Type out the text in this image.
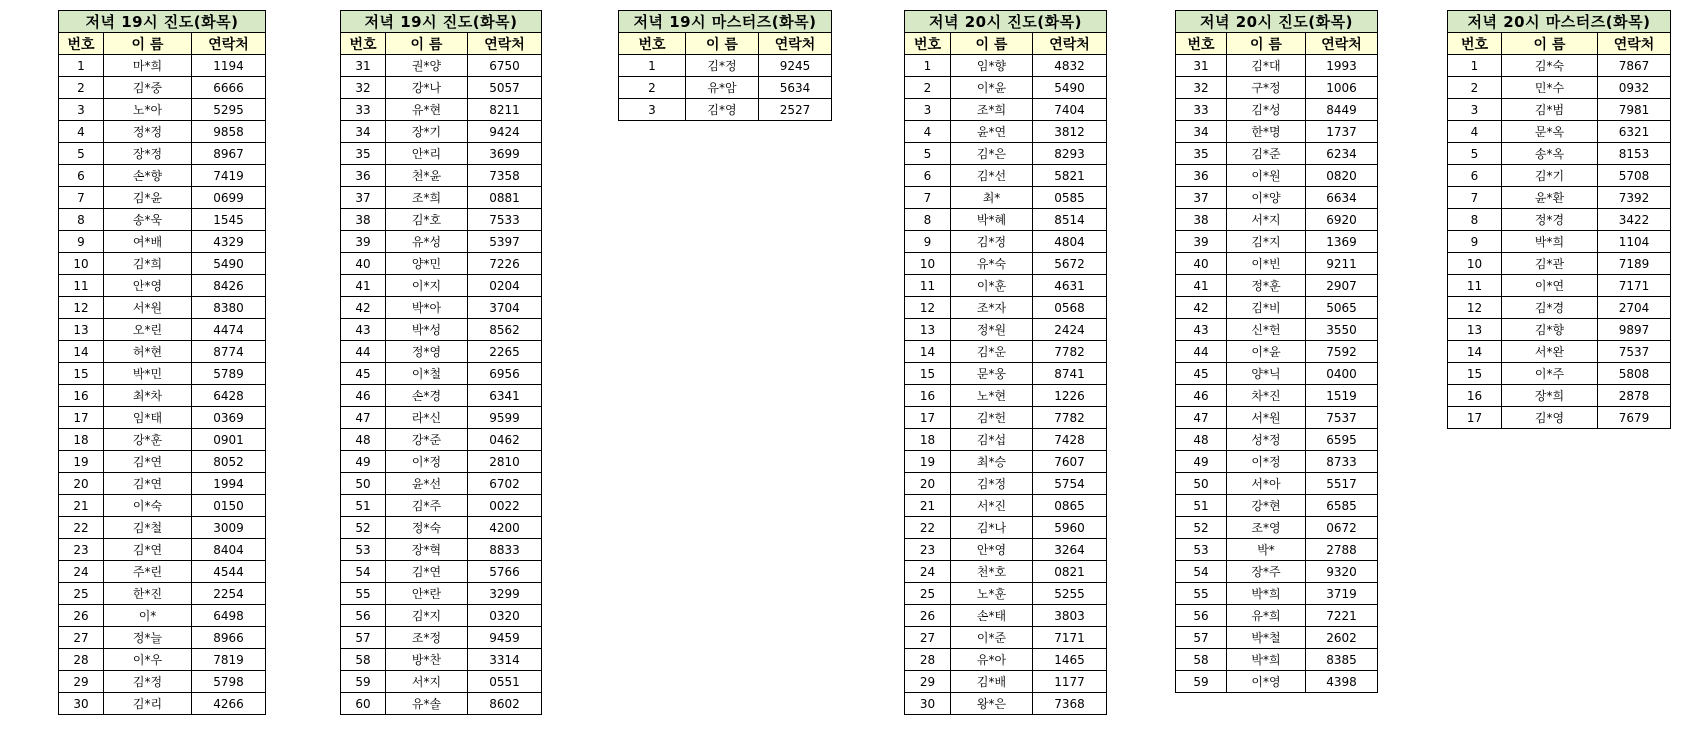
저녁 19시 진도(화목)		
번호	이 름	연락처
1	마*희	1194
2	김*중	6666
3	노*아	5295
4	정*정	9858
5	장*정	8967
6	손*향	7419
7	김*윤	0699
8	송*욱	1545
9	여*배	4329
10	김*희	5490
11	안*영	8426
12	서*원	8380
13	오*린	4474
14	허*현	8774
15	박*민	5789
16	최*차	6428
17	임*태	0369
18	강*훈	0901
19	김*연	8052
20	김*연	1994
21	이*숙	0150
22	김*철	3009
23	김*연	8404
24	주*린	4544
25	한*진	2254
26	이*	6498
27	정*늘	8966
28	이*우	7819
29	김*정	5798
30	김*리	4266
저녁 19시 진도(화목)		
번호	이 름	연락처
31	권*양	6750
32	강*나	5057
33	유*현	8211
34	장*기	9424
35	안*리	3699
36	천*윤	7358
37	조*희	0881
38	김*호	7533
39	유*성	5397
40	양*민	7226
41	이*지	0204
42	박*아	3704
43	박*성	8562
44	정*영	2265
45	이*철	6956
46	손*경	6341
47	라*신	9599
48	강*준	0462
49	이*정	2810
50	윤*선	6702
51	김*주	0022
52	정*숙	4200
53	장*혁	8833
54	김*연	5766
55	안*란	3299
56	김*지	0320
57	조*정	9459
58	방*찬	3314
59	서*지	0551
60	유*솔	8602
저녁 19시 마스터즈(화목)		
번호	이 름	연락처
1	김*정	9245
2	유*암	5634
3	김*영	2527
저녁 20시 진도(화목)		
번호	이 름	연락처
1	임*향	4832
2	이*윤	5490
3	조*희	7404
4	윤*연	3812
5	김*은	8293
6	김*선	5821
7	최*	0585
8	박*혜	8514
9	김*정	4804
10	유*숙	5672
11	이*훈	4631
12	조*자	0568
13	정*원	2424
14	김*운	7782
15	문*웅	8741
16	노*현	1226
17	김*헌	7782
18	김*섭	7428
19	최*승	7607
20	김*정	5754
21	서*진	0865
22	김*나	5960
23	안*영	3264
24	천*호	0821
25	노*훈	5255
26	손*태	3803
27	이*준	7171
28	유*아	1465
29	김*배	1177
30	왕*은	7368
저녁 20시 진도(화목)		
번호	이 름	연락처
31	김*대	1993
32	구*정	1006
33	김*성	8449
34	한*명	1737
35	김*준	6234
36	이*원	0820
37	이*양	6634
38	서*지	6920
39	김*지	1369
40	이*빈	9211
41	정*훈	2907
42	김*비	5065
43	신*헌	3550
44	이*윤	7592
45	양*닉	0400
46	차*진	1519
47	서*원	7537
48	성*정	6595
49	이*정	8733
50	서*아	5517
51	강*현	6585
52	조*영	0672
53	박*	2788
54	장*주	9320
55	박*희	3719
56	유*희	7221
57	박*철	2602
58	박*희	8385
59	이*영	4398
저녁 20시 마스터즈(화목)		
번호	이 름	연락처
1	김*숙	7867
2	민*수	0932
3	김*범	7981
4	문*옥	6321
5	송*옥	8153
6	김*기	5708
7	윤*환	7392
8	정*경	3422
9	박*희	1104
10	김*관	7189
11	이*연	7171
12	김*경	2704
13	김*향	9897
14	서*완	7537
15	이*주	5808
16	장*희	2878
17	김*영	7679
